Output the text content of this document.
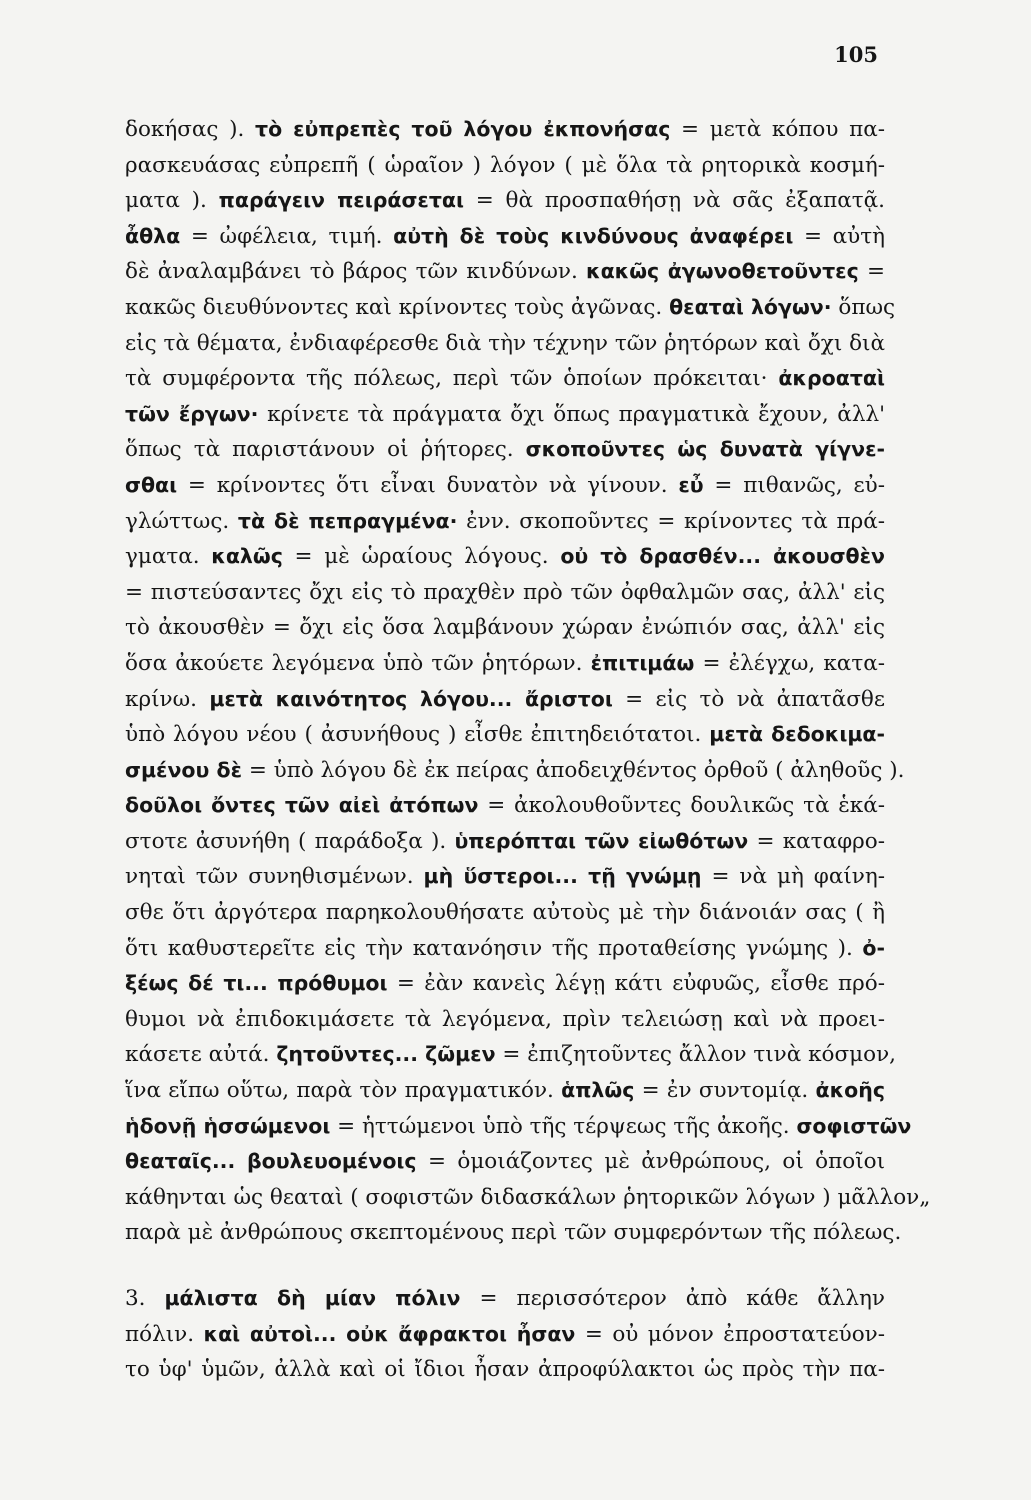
105
δοκήσας ). τὸ εὐπρεπὲς τοῦ λόγου ἐκπονήσας = μετὰ κόπου πα-
ρασκευάσας εὐπρεπῆ ( ὡραῖον ) λόγον ( μὲ ὅλα τὰ ρητορικὰ κοσμή-
ματα ). παράγειν πειράσεται = θὰ προσπαθήσῃ νὰ σᾶς ἐξαπατᾷ.
ἆθλα = ὠφέλεια, τιμή. αὐτὴ δὲ τοὺς κινδύνους ἀναφέρει = αὐτὴ
δὲ ἀναλαμβάνει τὸ βάρος τῶν κινδύνων. κακῶς ἀγωνοθετοῦντες =
κακῶς διευθύνοντες καὶ κρίνοντες τοὺς ἀγῶνας. θεαταὶ λόγων· ὅπως
εἰς τὰ θέματα, ἐνδιαφέρεσθε διὰ τὴν τέχνην τῶν ῥητόρων καὶ ὄχι διὰ
τὰ συμφέροντα τῆς πόλεως, περὶ τῶν ὁποίων πρόκειται· ἀκροαταὶ
τῶν ἔργων· κρίνετε τὰ πράγματα ὄχι ὅπως πραγματικὰ ἔχουν, ἀλλ'
ὅπως τὰ παριστάνουν οἱ ῥήτορες. σκοποῦντες ὡς δυνατὰ γίγνε-
σθαι = κρίνοντες ὅτι εἶναι δυνατὸν νὰ γίνουν. εὖ = πιθανῶς, εὐ-
γλώττως. τὰ δὲ πεπραγμένα· ἐνν. σκοποῦντες = κρίνοντες τὰ πρά-
γματα. καλῶς = μὲ ὡραίους λόγους. οὐ τὸ δρασθέν... ἀκουσθὲν
= πιστεύσαντες ὄχι εἰς τὸ πραχθὲν πρὸ τῶν ὀφθαλμῶν σας, ἀλλ' εἰς
τὸ ἀκουσθὲν = ὄχι εἰς ὅσα λαμβάνουν χώραν ἐνώπιόν σας, ἀλλ' εἰς
ὅσα ἀκούετε λεγόμενα ὑπὸ τῶν ῥητόρων. ἐπιτιμάω = ἐλέγχω, κατα-
κρίνω. μετὰ καινότητος λόγου... ἄριστοι = εἰς τὸ νὰ ἀπατᾶσθε
ὑπὸ λόγου νέου ( ἀσυνήθους ) εἶσθε ἐπιτηδειότατοι. μετὰ δεδοκιμα-
σμένου δὲ = ὑπὸ λόγου δὲ ἐκ πείρας ἀποδειχθέντος ὀρθοῦ ( ἀληθοῦς ).
δοῦλοι ὄντες τῶν αἰεὶ ἀτόπων = ἀκολουθοῦντες δουλικῶς τὰ ἑκά-
στοτε ἀσυνήθη ( παράδοξα ). ὑπερόπται τῶν εἰωθότων = καταφρο-
νηταὶ τῶν συνηθισμένων. μὴ ὕστεροι... τῇ γνώμῃ = νὰ μὴ φαίνη-
σθε ὅτι ἀργότερα παρηκολουθήσατε αὐτοὺς μὲ τὴν διάνοιάν σας ( ἢ
ὅτι καθυστερεῖτε εἰς τὴν κατανόησιν τῆς προταθείσης γνώμης ). ὀ-
ξέως δέ τι... πρόθυμοι = ἐὰν κανεὶς λέγῃ κάτι εὐφυῶς, εἶσθε πρό-
θυμοι νὰ ἐπιδοκιμάσετε τὰ λεγόμενα, πρὶν τελειώσῃ καὶ νὰ προει-
κάσετε αὐτά. ζητοῦντες... ζῶμεν = ἐπιζητοῦντες ἄλλον τινὰ κόσμον,
ἵνα εἴπω οὕτω, παρὰ τὸν πραγματικόν. ἁπλῶς = ἐν συντομίᾳ. ἀκοῆς
ἡδονῇ ἡσσώμενοι = ἡττώμενοι ὑπὸ τῆς τέρψεως τῆς ἀκοῆς. σοφιστῶν
θεαταῖς... βουλευομένοις = ὁμοιάζοντες μὲ ἀνθρώπους, οἱ ὁποῖοι
κάθηνται ὡς θεαταὶ ( σοφιστῶν διδασκάλων ῥητορικῶν λόγων ) μᾶλλον„
παρὰ μὲ ἀνθρώπους σκεπτομένους περὶ τῶν συμφερόντων τῆς πόλεως.
3. μάλιστα δὴ μίαν πόλιν = περισσότερον ἀπὸ κάθε ἄλλην
πόλιν. καὶ αὐτοὶ... οὐκ ἄφρακτοι ἦσαν = οὐ μόνον ἐπροστατεύον-
το ὑφ' ὑμῶν, ἀλλὰ καὶ οἱ ἴδιοι ἦσαν ἀπροφύλακτοι ὡς πρὸς τὴν πα-
